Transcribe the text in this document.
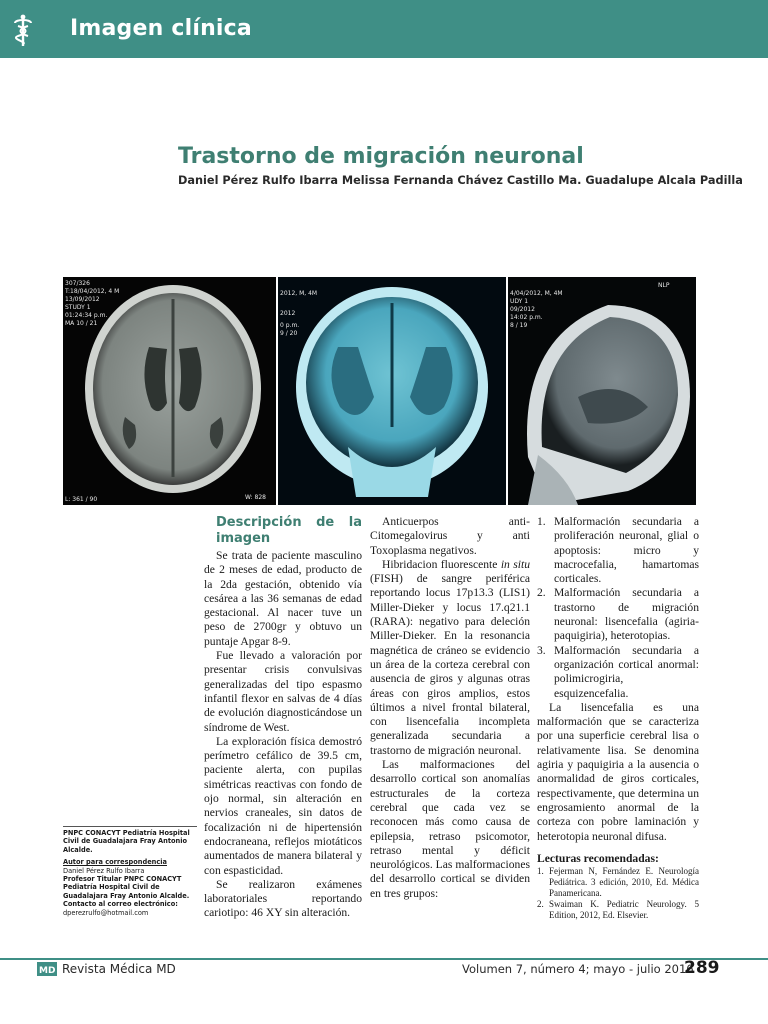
Imagen clínica
Trastorno de migración neuronal
Daniel Pérez Rulfo Ibarra Melissa Fernanda Chávez Castillo Ma. Guadalupe Alcala Padilla
307/326
T:18/04/2012, 4 M
13/09/2012
STUDY 1
01:24:34 p.m.
MA 10 / 21
W: 828
L: 361 / 90
2012, M, 4M
2012
0 p.m.
9 / 20
NLP
4/04/2012, M, 4M
UDY 1
09/2012
14:02 p.m.
8 / 19
Descripción de la imagen

Se trata de paciente masculino de 2 meses de edad, producto de la 2da gestación, obtenido vía cesárea a las 36 semanas de edad gestacional. Al nacer tuve un peso de 2700gr y obtuvo un puntaje Apgar 8-9.

Fue llevado a valoración por presentar crisis convulsivas generalizadas del tipo espasmo infantil flexor en salvas de 4 días de evolución diagnosticándose un síndrome de West.

La exploración física demostró perímetro cefálico de 39.5 cm, paciente alerta, con pupilas simétricas reactivas con fondo de ojo normal, sin alteración en nervios craneales, sin datos de focalización ni de hipertensión endocraneana, reflejos miotáticos aumentados de manera bilateral y con espasticidad.

Se realizaron exámenes laboratoriales reportando cariotipo: 46 XY sin alteración.

Anticuerpos anti-Citomegalovirus y anti Toxoplasma negativos.

Hibridacion fluorescente in situ (FISH) de sangre periférica reportando locus 17p13.3 (LIS1) Miller-Dieker y locus 17.q21.1 (RARA): negativo para deleción Miller-Dieker. En la resonancia magnética de cráneo se evidencio un área de la corteza cerebral con ausencia de giros y algunas otras áreas con giros amplios, estos últimos a nivel frontal bilateral, con lisencefalia incompleta generalizada secundaria a trastorno de migración neuronal.

Las malformaciones del desarrollo cortical son anomalías estructurales de la corteza cerebral que cada vez se reconocen más como causa de epilepsia, retraso psicomotor, retraso mental y déficit neurológicos. Las malformaciones del desarrollo cortical se dividen en tres grupos:

1. Malformación secundaria a proliferación neuronal, glial o apoptosis: micro y macrocefalia, hamartomas corticales.
2. Malformación secundaria a trastorno de migración neuronal: lisencefalia (agiria-paquigiria), heterotopias.
3. Malformación secundaria a organización cortical anormal: polimicrogiria, esquizencefalia.

La lisencefalia es una malformación que se caracteriza por una superficie cerebral lisa o relativamente lisa. Se denomina agiria y paquigiria a la ausencia o anormalidad de giros corticales, respectivamente, que determina un engrosamiento anormal de la corteza con pobre laminación y heterotopia neuronal difusa.

Lecturas recomendadas:
1. Fejerman N, Fernández E. Neurología Pediátrica. 3 edición, 2010, Ed. Médica Panamericana.
2. Swaiman K. Pediatric Neurology. 5 Edition, 2012, Ed. Elsevier.
PNPC CONACYT Pediatría Hospital Civil de Guadalajara Fray Antonio Alcalde.
Autor para correspondencia
Daniel Pérez Rulfo Ibarra
Profesor Titular PNPC CONACYT Pediatría Hospital Civil de Guadalajara Fray Antonio Alcalde.
Contacto al correo electrónico:
dperezrulfo@hotmail.com
MD Revista Médica MD	Volumen 7, número 4; mayo - julio 2016
289
